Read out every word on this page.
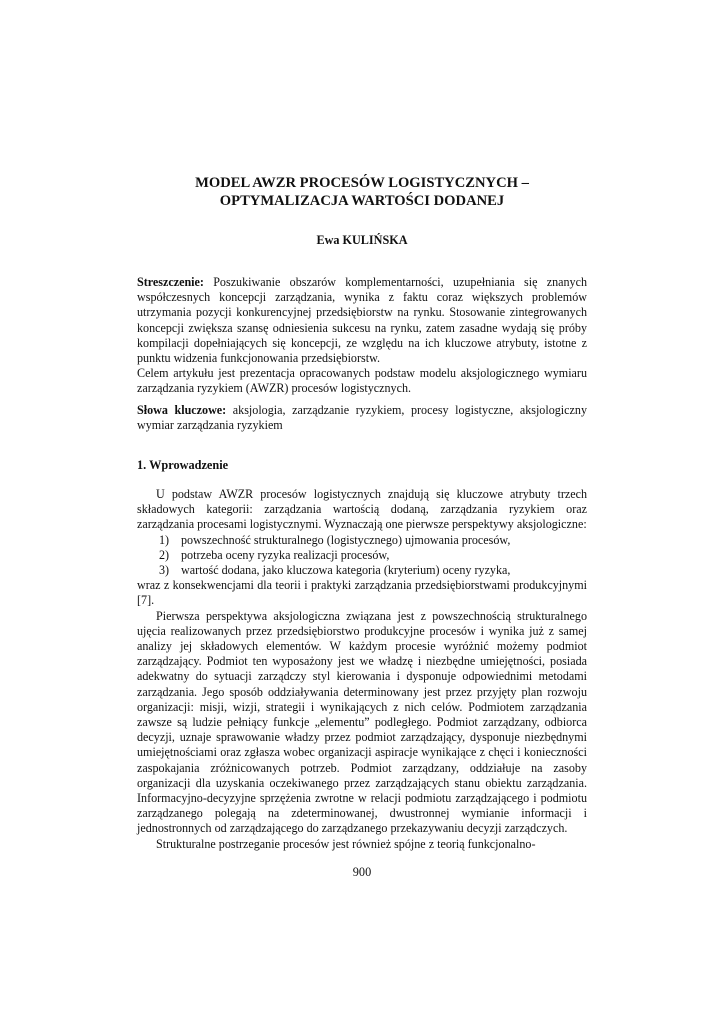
MODEL AWZR PROCESÓW LOGISTYCZNYCH –
OPTYMALIZACJA WARTOŚCI DODANEJ
Ewa KULIŃSKA

Streszczenie: Poszukiwanie obszarów komplementarności, uzupełniania się znanych współczesnych koncepcji zarządzania, wynika z faktu coraz większych problemów utrzymania pozycji konkurencyjnej przedsiębiorstw na rynku. Stosowanie zintegrowanych koncepcji zwiększa szansę odniesienia sukcesu na rynku, zatem zasadne wydają się próby kompilacji dopełniających się koncepcji, ze względu na ich kluczowe atrybuty, istotne z punktu widzenia funkcjonowania przedsiębiorstw.

Celem artykułu jest prezentacja opracowanych podstaw modelu aksjologicznego wymiaru zarządzania ryzykiem (AWZR) procesów logistycznych.

Słowa kluczowe: aksjologia, zarządzanie ryzykiem, procesy logistyczne, aksjologiczny wymiar zarządzania ryzykiem

1. Wprowadzenie

U podstaw AWZR procesów logistycznych znajdują się kluczowe atrybuty trzech składowych kategorii: zarządzania wartością dodaną, zarządzania ryzykiem oraz zarządzania procesami logistycznymi. Wyznaczają one pierwsze perspektywy aksjologiczne:

1) powszechność strukturalnego (logistycznego) ujmowania procesów,
2) potrzeba oceny ryzyka realizacji procesów,
3) wartość dodana, jako kluczowa kategoria (kryterium) oceny ryzyka,

wraz z konsekwencjami dla teorii i praktyki zarządzania przedsiębiorstwami produkcyjnymi [7].

Pierwsza perspektywa aksjologiczna związana jest z powszechnością strukturalnego ujęcia realizowanych przez przedsiębiorstwo produkcyjne procesów i wynika już z samej analizy jej składowych elementów. W każdym procesie wyróżnić możemy podmiot zarządzający. Podmiot ten wyposażony jest we władzę i niezbędne umiejętności, posiada adekwatny do sytuacji zarządczy styl kierowania i dysponuje odpowiednimi metodami zarządzania. Jego sposób oddziaływania determinowany jest przez przyjęty plan rozwoju organizacji: misji, wizji, strategii i wynikających z nich celów. Podmiotem zarządzania zawsze są ludzie pełniący funkcje „elementu” podległego. Podmiot zarządzany, odbiorca decyzji, uznaje sprawowanie władzy przez podmiot zarządzający, dysponuje niezbędnymi umiejętnościami oraz zgłasza wobec organizacji aspiracje wynikające z chęci i konieczności zaspokajania zróżnicowanych potrzeb. Podmiot zarządzany, oddziałuje na zasoby organizacji dla uzyskania oczekiwanego przez zarządzających stanu obiektu zarządzania. Informacyjno-decyzyjne sprzężenia zwrotne w relacji podmiotu zarządzającego i podmiotu zarządzanego polegają na zdeterminowanej, dwustronnej wymianie informacji i jednostronnych od zarządzającego do zarządzanego przekazywaniu decyzji zarządczych.

Strukturalne postrzeganie procesów jest również spójne z teorią funkcjonalno-

900
